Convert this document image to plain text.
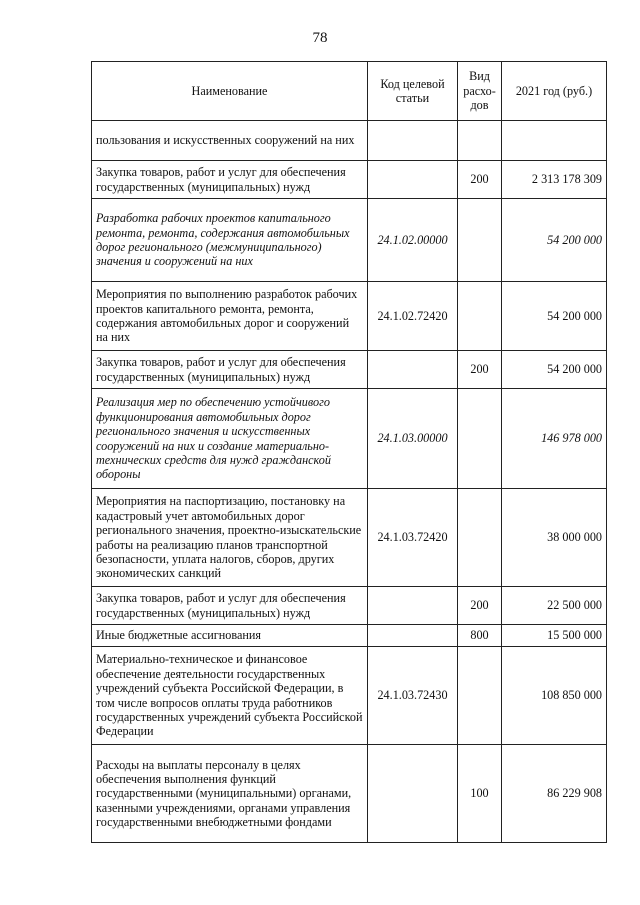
78
Наименование	Код целевой статьи	Вид расхо-дов	2021 год (руб.)
пользования и искусственных сооружений на них			
Закупка товаров, работ и услуг для обеспечения государственных (муниципальных) нужд		200	2 313 178 309
Разработка рабочих проектов капитального ремонта, ремонта, содержания автомобильных дорог регионального (межмуниципального) значения и сооружений на них	24.1.02.00000		54 200 000
Мероприятия по выполнению разработок рабочих проектов капитального ремонта, ремонта, содержания автомобильных дорог и сооружений на них	24.1.02.72420		54 200 000
Закупка товаров, работ и услуг для обеспечения государственных (муниципальных) нужд		200	54 200 000
Реализация мер по обеспечению устойчивого функционирования автомобильных дорог регионального значения и искусственных сооружений на них и создание материально-технических средств для нужд гражданской обороны	24.1.03.00000		146 978 000
Мероприятия на паспортизацию, постановку на кадастровый учет автомобильных дорог регионального значения, проектно-изыскательские работы на реализацию планов транспортной безопасности, уплата налогов, сборов, других экономических санкций	24.1.03.72420		38 000 000
Закупка товаров, работ и услуг для обеспечения государственных (муниципальных) нужд		200	22 500 000
Иные бюджетные ассигнования		800	15 500 000
Материально-техническое и финансовое обеспечение деятельности государственных учреждений субъекта Российской Федерации, в том числе вопросов оплаты труда работников государственных учреждений субъекта Российской Федерации	24.1.03.72430		108 850 000
Расходы на выплаты персоналу в целях обеспечения выполнения функций государственными (муниципальными) органами, казенными учреждениями, органами управления государственными внебюджетными фондами		100	86 229 908
